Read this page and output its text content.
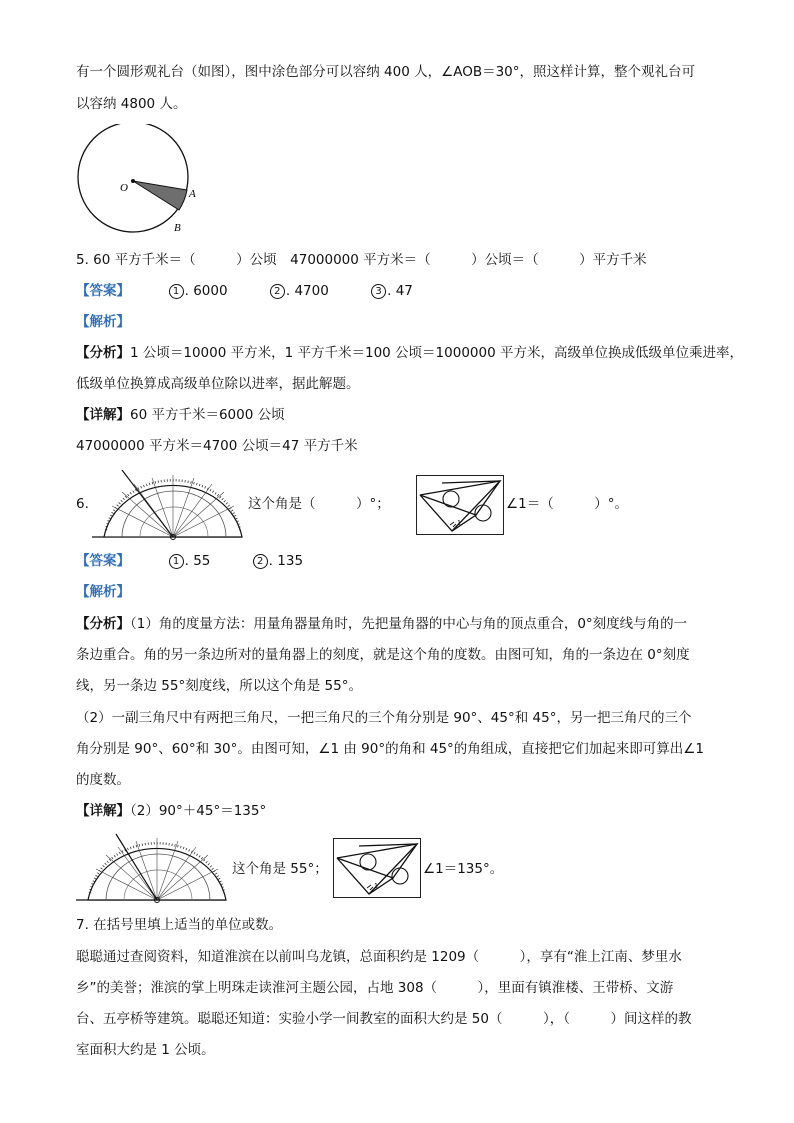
有一个圆形观礼台（如图），图中涂色部分可以容纳 400 人，∠AOB＝30°，照这样计算，整个观礼台可
以容纳 4800 人。
O	A
B
5. 60 平方千米＝（　　　）公顷　47000000 平方米＝（　　　）公顷＝（　　　）平方千米
【答案】	1 . 6000	2 . 4700	3 . 47
【解析】
【分析】1 公顷＝10000 平方米，1 平方千米＝100 公顷＝1000000 平方米，高级单位换成低级单位乘进率，
低级单位换算成高级单位除以进率，据此解题。
【详解】60 平方千米＝6000 公顷
47000000 平方米＝4700 公顷＝47 平方千米
6.	这个角是（　　　）°；
1
∠1＝（　　　）°。
【答案】	1 . 55	2 . 135
【解析】
【分析】（1）角的度量方法：用量角器量角时，先把量角器的中心与角的顶点重合，0°刻度线与角的一
条边重合。角的另一条边所对的量角器上的刻度，就是这个角的度数。由图可知，角的一条边在 0°刻度
线，另一条边 55°刻度线，所以这个角是 55°。
（2）一副三角尺中有两把三角尺，一把三角尺的三个角分别是 90°、45°和 45°，另一把三角尺的三个
角分别是 90°、60°和 30°。由图可知，∠1 由 90°的角和 45°的角组成，直接把它们加起来即可算出∠1
的度数。
【详解】（2）90°＋45°＝135°
这个角是 55°；
1
∠1＝135°。
7. 在括号里填上适当的单位或数。
聪聪通过查阅资料，知道淮滨在以前叫乌龙镇，总面积约是 1209（　　　），享有“淮上江南、梦里水
乡”的美誉；淮滨的掌上明珠走读淮河主题公园，占地 308（　　　），里面有镇淮楼、王带桥、文游
台、五亭桥等建筑。聪聪还知道：实验小学一间教室的面积大约是 50（　　　），（　　　）间这样的教
室面积大约是 1 公顷。
